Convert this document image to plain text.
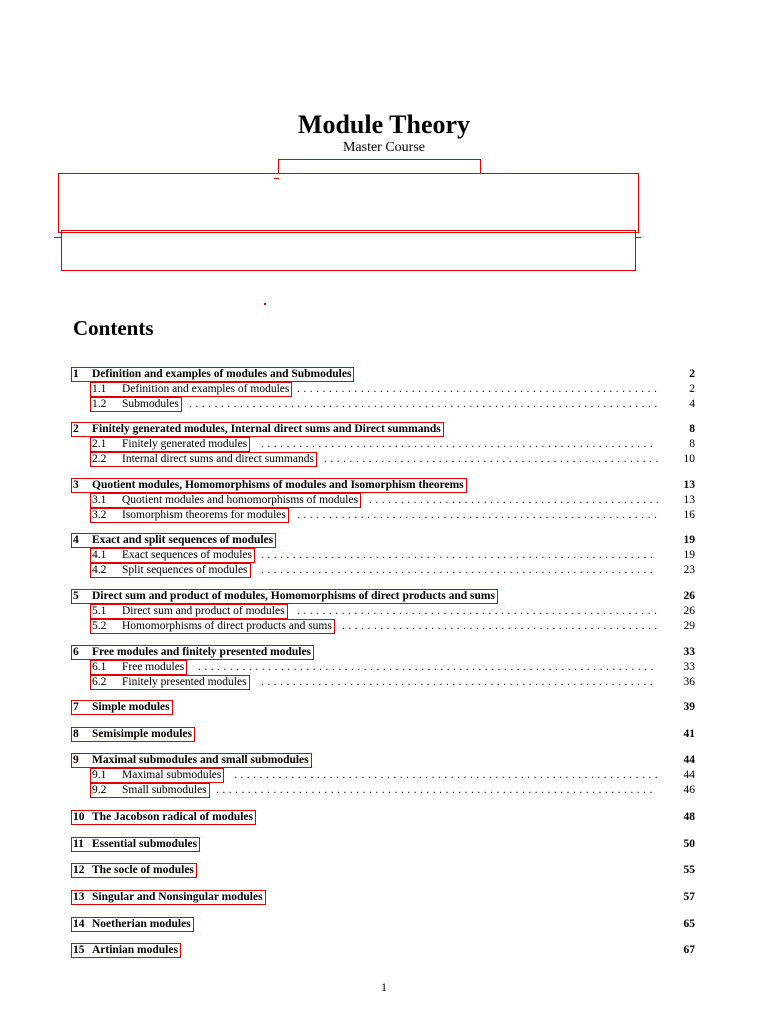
Module Theory
Master Course
Contents
1 Definition and examples of modules and Submodules	2
1.1 Definition and examples of modules .........................................................	2
1.2 Submodules ..........................................................................	4
2 Finitely generated modules, Internal direct sums and Direct summands	8
2.1 Finitely generated modules ..............................................................	8
2.2 Internal direct sums and direct summands .....................................................	10
3 Quotient modules, Homomorphisms of modules and Isomorphism theorems	13
3.1 Quotient modules and homomorphisms of modules ..............................................	13
3.2 Isomorphism theorems for modules .........................................................	16
4 Exact and split sequences of modules	19
4.1 Exact sequences of modules ..............................................................	19
4.2 Split sequences of modules ..............................................................	23
5 Direct sum and product of modules, Homomorphisms of direct products and sums	26
5.1 Direct sum and product of modules .........................................................	26
5.2 Homomorphisms of direct products and sums ..................................................	29
6 Free modules and finitely presented modules	33
6.1 Free modules ........................................................................	33
6.2 Finitely presented modules ..............................................................	36
7 Simple modules	39
8 Semisimple modules	41
9 Maximal submodules and small submodules	44
9.1 Maximal submodules ...................................................................	44
9.2 Small submodules .....................................................................	46
10 The Jacobson radical of modules	48
11 Essential submodules	50
12 The socle of modules	55
13 Singular and Nonsingular modules	57
14 Noetherian modules	65
15 Artinian modules	67
1
